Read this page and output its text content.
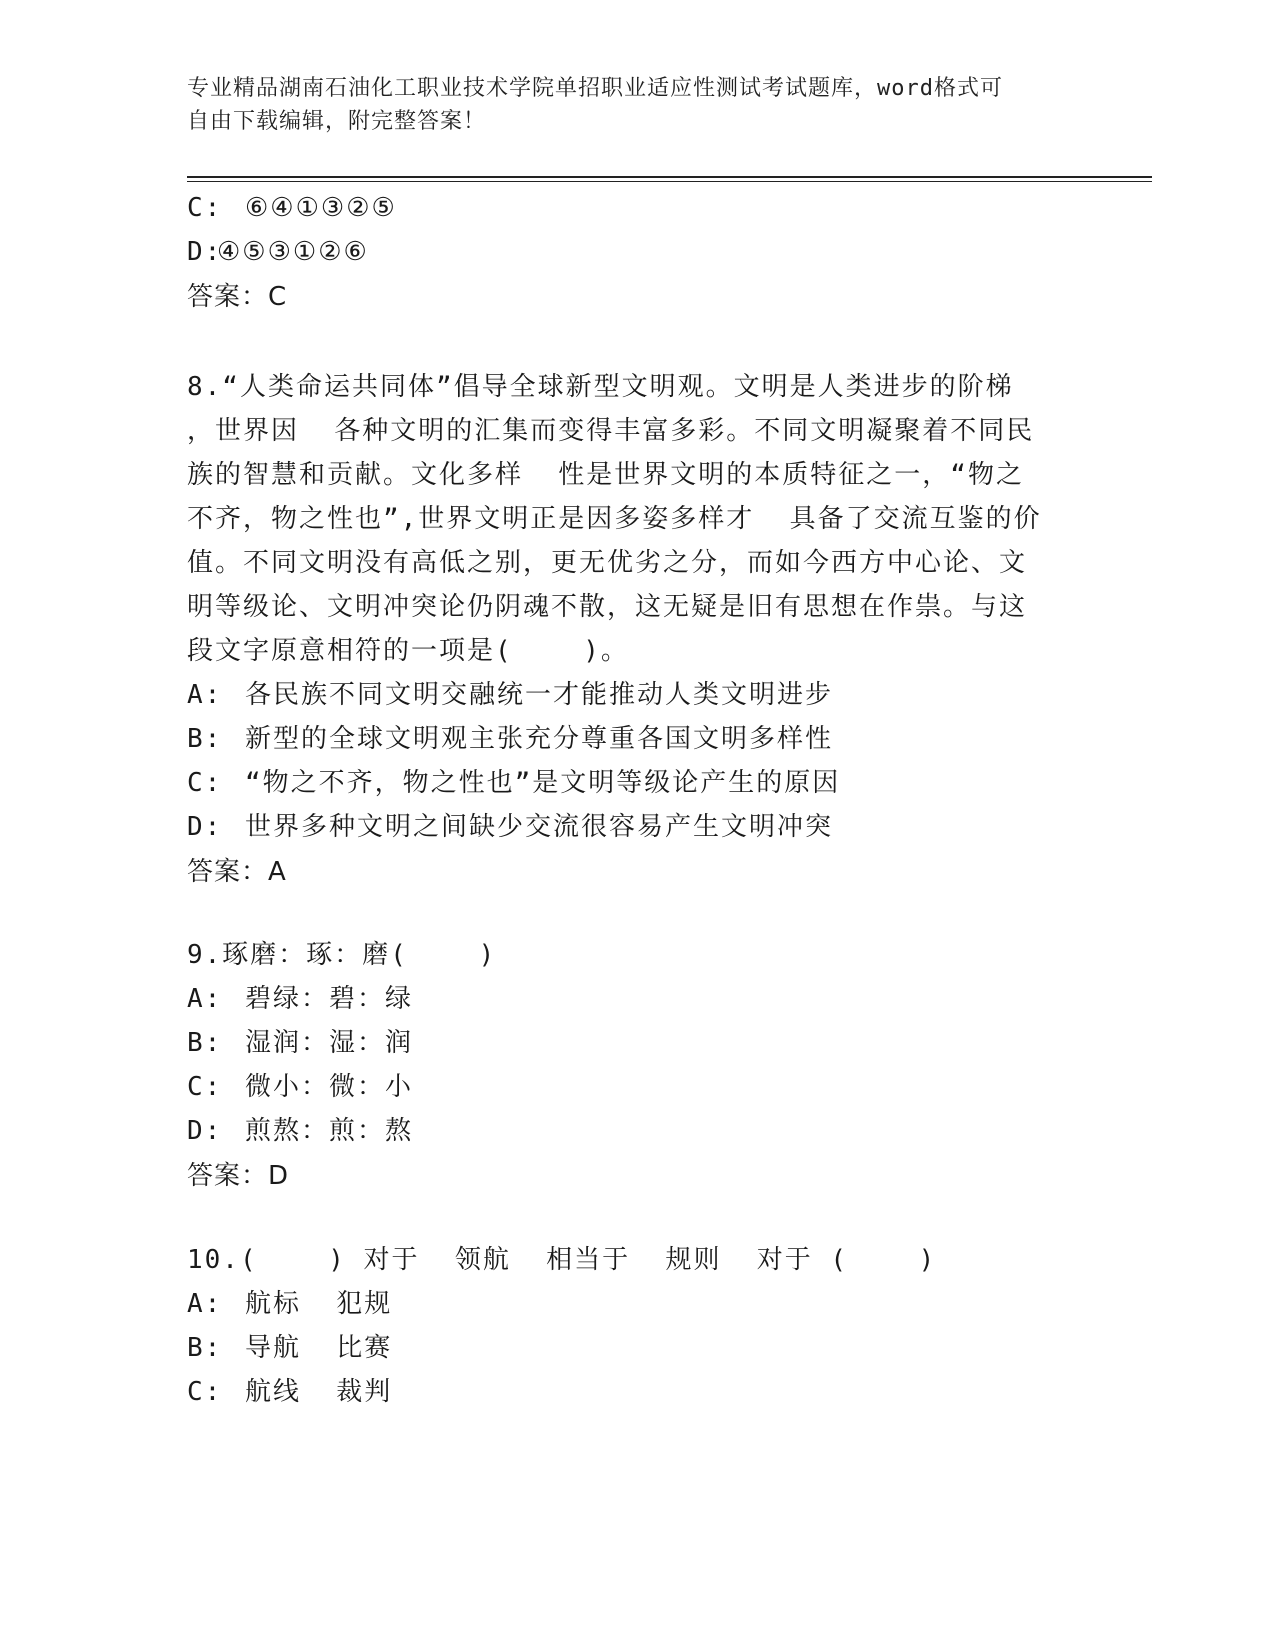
专业精品湖南石油化工职业技术学院单招职业适应性测试考试题库，word格式可

自由下载编辑，附完整答案！

C: ⑥④①③②⑤
D:④⑤③①②⑥
答案：C
8.“人类命运共同体”倡导全球新型文明观。文明是人类进步的阶梯
，世界因  各种文明的汇集而变得丰富多彩。不同文明凝聚着不同民
族的智慧和贡献。文化多样  性是世界文明的本质特征之一，“物之
不齐，物之性也”,世界文明正是因多姿多样才  具备了交流互鉴的价
值。不同文明没有高低之别，更无优劣之分，而如今西方中心论、文
明等级论、文明冲突论仍阴魂不散，这无疑是旧有思想在作祟。与这
段文字原意相符的一项是(    )。
A: 各民族不同文明交融统一才能推动人类文明进步
B: 新型的全球文明观主张充分尊重各国文明多样性
C: “物之不齐，物之性也”是文明等级论产生的原因
D: 世界多种文明之间缺少交流很容易产生文明冲突
答案：A
9.琢磨：琢：磨(    )
A: 碧绿：碧：绿
B: 湿润：湿：润
C: 微小：微：小
D: 煎熬：煎：熬
答案：D
10.(    ) 对于  领航  相当于  规则  对于 (    )
A: 航标  犯规
B: 导航  比赛
C: 航线  裁判
